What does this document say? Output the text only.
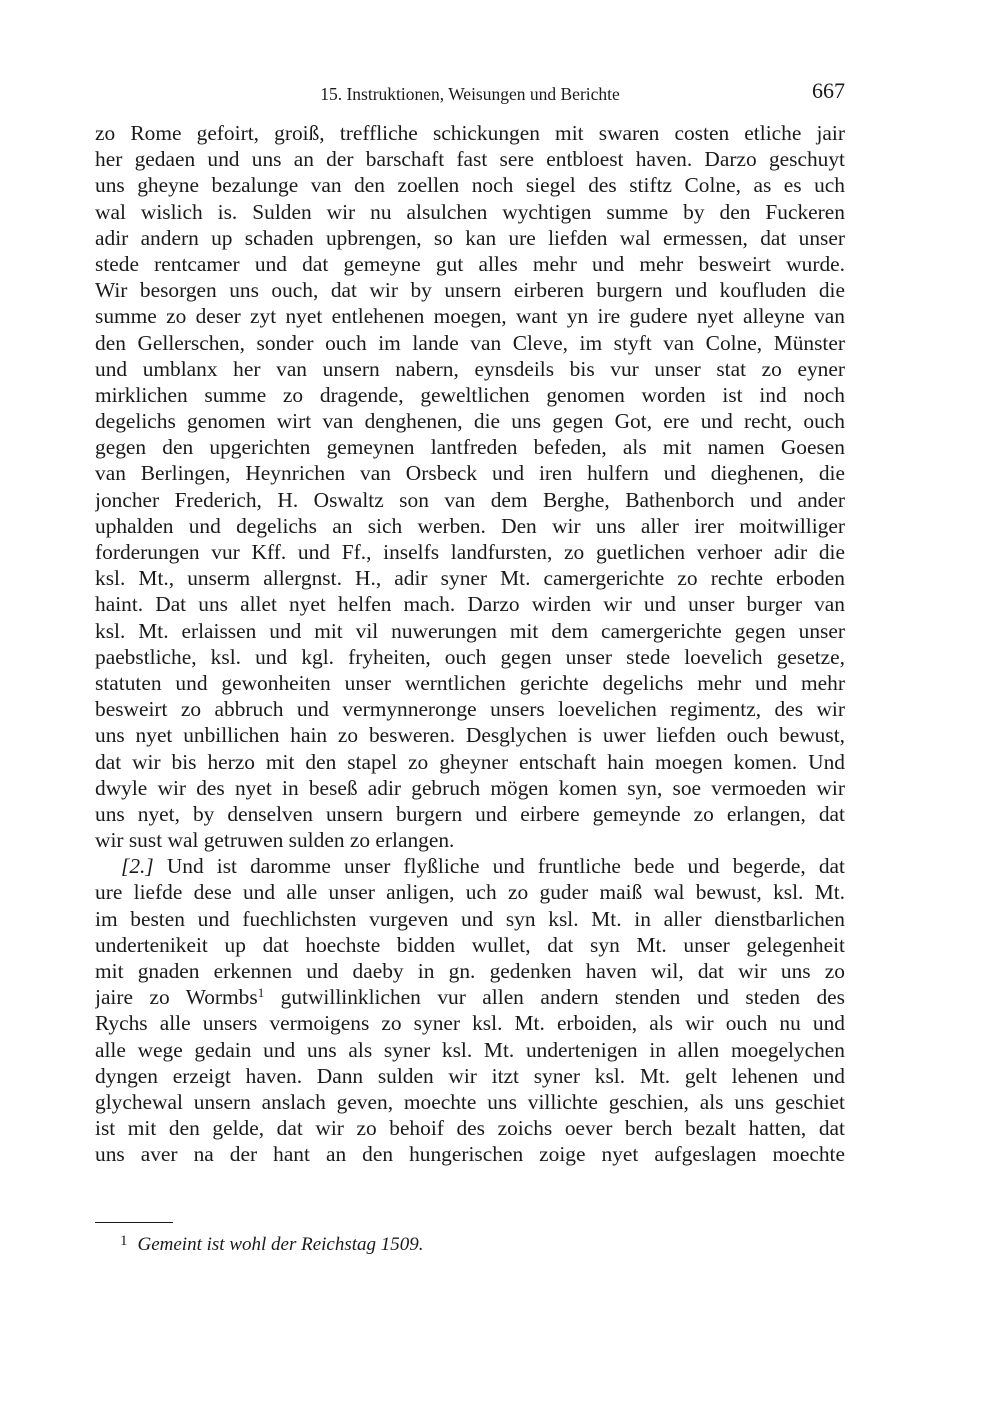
15. Instruktionen, Weisungen und Berichte	667
zo Rome gefoirt, groiß, treffliche schickungen mit swaren costen etliche jair
her gedaen und uns an der barschaft fast sere entbloest haven. Darzo geschuyt
uns gheyne bezalunge van den zoellen noch siegel des stiftz Colne, as es uch
wal wislich is. Sulden wir nu alsulchen wychtigen summe by den Fuckeren
adir andern up schaden upbrengen, so kan ure liefden wal ermessen, dat unser
stede rentcamer und dat gemeyne gut alles mehr und mehr besweirt wurde.
Wir besorgen uns ouch, dat wir by unsern eirberen burgern und koufluden die
summe zo deser zyt nyet entlehenen moegen, want yn ire gudere nyet alleyne van
den Gellerschen, sonder ouch im lande van Cleve, im styft van Colne, Münster
und umblanx her van unsern nabern, eynsdeils bis vur unser stat zo eyner
mirklichen summe zo dragende, geweltlichen genomen worden ist ind noch
degelichs genomen wirt van denghenen, die uns gegen Got, ere und recht, ouch
gegen den upgerichten gemeynen lantfreden befeden, als mit namen Goesen
van Berlingen, Heynrichen van Orsbeck und iren hulfern und dieghenen, die
joncher Frederich, H. Oswaltz son van dem Berghe, Bathenborch und ander
uphalden und degelichs an sich werben. Den wir uns aller irer moitwilliger
forderungen vur Kff. und Ff., inselfs landfursten, zo guetlichen verhoer adir die
ksl. Mt., unserm allergnst. H., adir syner Mt. camergerichte zo rechte erboden
haint. Dat uns allet nyet helfen mach. Darzo wirden wir und unser burger van
ksl. Mt. erlaissen und mit vil nuwerungen mit dem camergerichte gegen unser
paebstliche, ksl. und kgl. fryheiten, ouch gegen unser stede loevelich gesetze,
statuten und gewonheiten unser werntlichen gerichte degelichs mehr und mehr
besweirt zo abbruch und vermynneronge unsers loevelichen regimentz, des wir
uns nyet unbillichen hain zo besweren. Desglychen is uwer liefden ouch bewust,
dat wir bis herzo mit den stapel zo gheyner entschaft hain moegen komen. Und
dwyle wir des nyet in beseß adir gebruch mögen komen syn, soe vermoeden wir
uns nyet, by denselven unsern burgern und eirbere gemeynde zo erlangen, dat
wir sust wal getruwen sulden zo erlangen.
[2.] Und ist daromme unser flyßliche und fruntliche bede und begerde, dat
ure liefde dese und alle unser anligen, uch zo guder maiß wal bewust, ksl. Mt.
im besten und fuechlichsten vurgeven und syn ksl. Mt. in aller dienstbarlichen
undertenikeit up dat hoechste bidden wullet, dat syn Mt. unser gelegenheit
mit gnaden erkennen und daeby in gn. gedenken haven wil, dat wir uns zo
jaire zo Wormbs$^1$ gutwillinklichen vur allen andern stenden und steden des
Rychs alle unsers vermoigens zo syner ksl. Mt. erboiden, als wir ouch nu und
alle wege gedain und uns als syner ksl. Mt. undertenigen in allen moegelychen
dyngen erzeigt haven. Dann sulden wir itzt syner ksl. Mt. gelt lehenen und
glychewal unsern anslach geven, moechte uns villichte geschien, als uns geschiet
ist mit den gelde, dat wir zo behoif des zoichs oever berch bezalt hatten, dat
uns aver na der hant an den hungerischen zoige nyet aufgeslagen moechte
$^1$ Gemeint ist wohl der Reichstag 1509.
